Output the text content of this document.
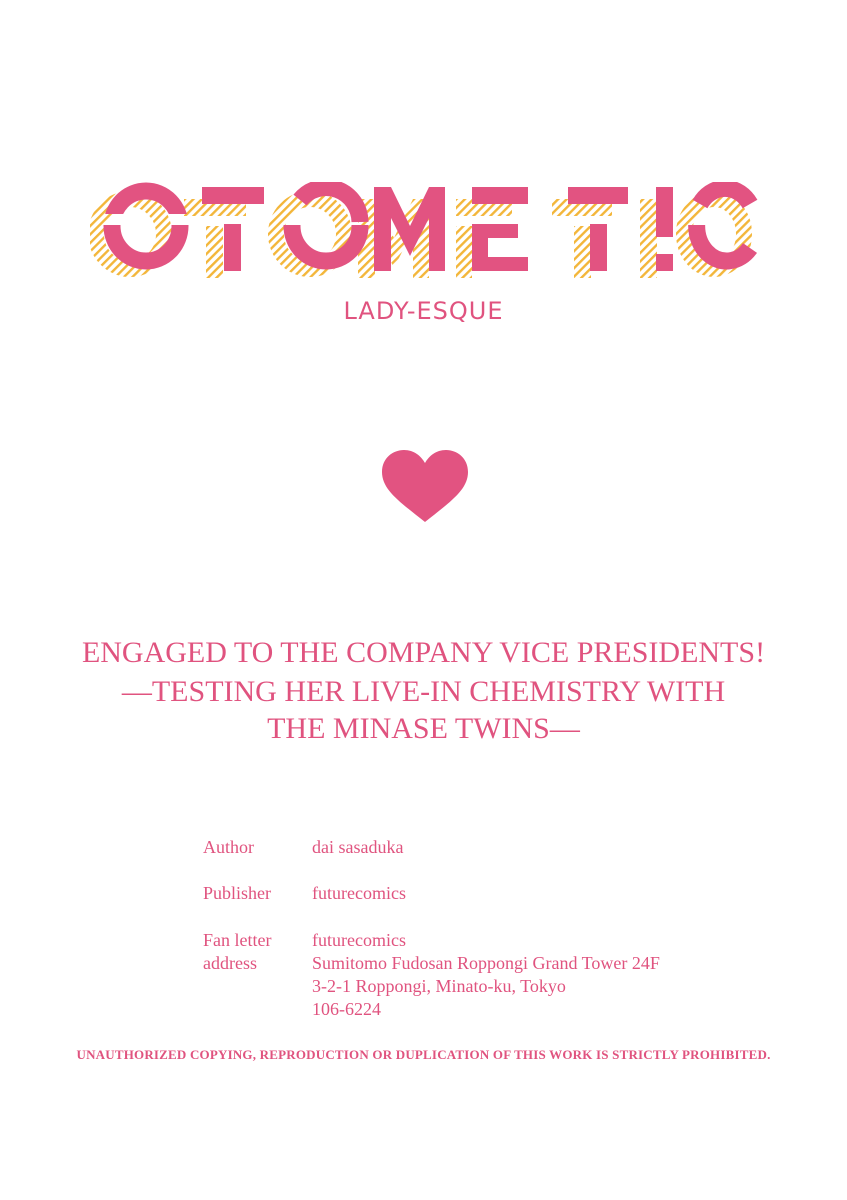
LADY-ESQUE
ENGAGED TO THE COMPANY VICE PRESIDENTS!
—TESTING HER LIVE-IN CHEMISTRY WITH
THE MINASE TWINS—
Author	dai sasaduka
Publisher futurecomics
Fan letter
address
futurecomics
Sumitomo Fudosan Roppongi Grand Tower 24F
3-2-1 Roppongi, Minato-ku, Tokyo
106-6224
UNAUTHORIZED COPYING, REPRODUCTION OR DUPLICATION OF THIS WORK IS STRICTLY PROHIBITED.
